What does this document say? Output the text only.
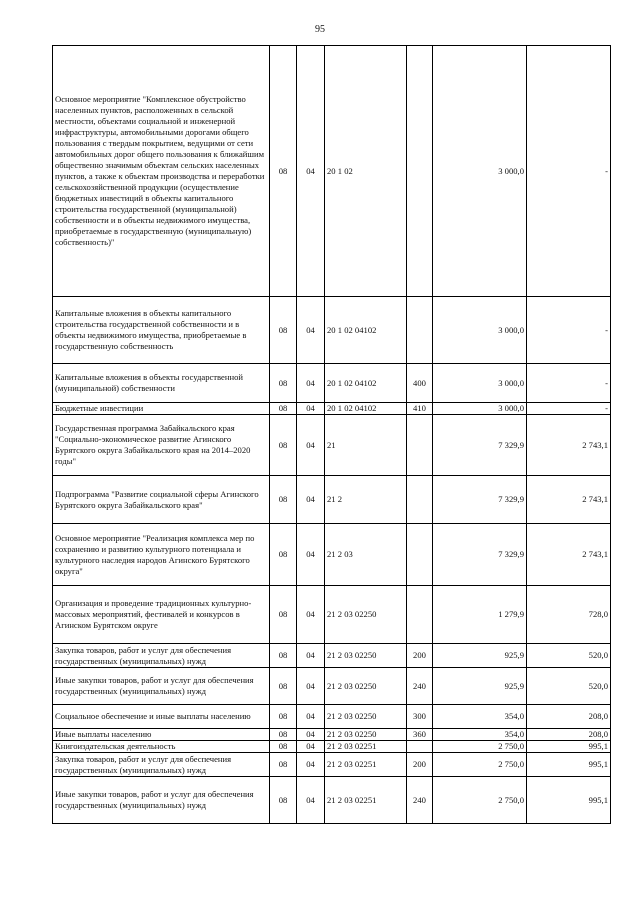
95
Основное мероприятие "Комплексное обустройство населенных пунктов, расположенных в сельской местности, объектами социальной и инженерной инфраструктуры, автомобильными дорогами общего пользования с твердым покрытием, ведущими от сети автомобильных дорог общего пользования к ближайшим общественно значимым объектам сельских населенных пунктов, а также к объектам производства и переработки сельскохозяйственной продукции (осуществление бюджетных инвестиций в объекты капитального строительства государственной (муниципальной) собственности и в объекты недвижимого имущества, приобретаемые в государственную (муниципальную) собственность)"	08	04	20 1 02		3 000,0	-
Капитальные вложения в объекты капитального строительства государственной собственности и в объекты недвижимого имущества, приобретаемые в государственную собственность	08	04	20 1 02 04102		3 000,0	-
Капитальные вложения в объекты государственной (муниципальной) собственности	08	04	20 1 02 04102	400	3 000,0	-
Бюджетные инвестиции	08	04	20 1 02 04102	410	3 000,0	-
Государственная программа Забайкальского края "Социально-экономическое развитие Агинского Бурятского округа Забайкальского края на 2014–2020 годы"	08	04	21		7 329,9	2 743,1
Подпрограмма "Развитие социальной сферы Агинского Бурятского округа Забайкальского края"	08	04	21 2		7 329,9	2 743,1
Основное мероприятие "Реализация комплекса мер по сохранению и развитию культурного потенциала и культурного наследия народов Агинского Бурятского округа"	08	04	21 2 03		7 329,9	2 743,1
Организация и проведение традиционных культурно-массовых мероприятий, фестивалей и конкурсов в Агинском Бурятском округе	08	04	21 2 03 02250		1 279,9	728,0
Закупка товаров, работ и услуг для обеспечения государственных (муниципальных) нужд	08	04	21 2 03 02250	200	925,9	520,0
Иные закупки товаров, работ и услуг для обеспечения государственных (муниципальных) нужд	08	04	21 2 03 02250	240	925,9	520,0
Социальное обеспечение и иные выплаты населению	08	04	21 2 03 02250	300	354,0	208,0
Иные выплаты населению	08	04	21 2 03 02250	360	354,0	208,0
Книгоиздательская деятельность	08	04	21 2 03 02251		2 750,0	995,1
Закупка товаров, работ и услуг для обеспечения государственных (муниципальных) нужд	08	04	21 2 03 02251	200	2 750,0	995,1
Иные закупки товаров, работ и услуг для обеспечения государственных (муниципальных) нужд	08	04	21 2 03 02251	240	2 750,0	995,1
